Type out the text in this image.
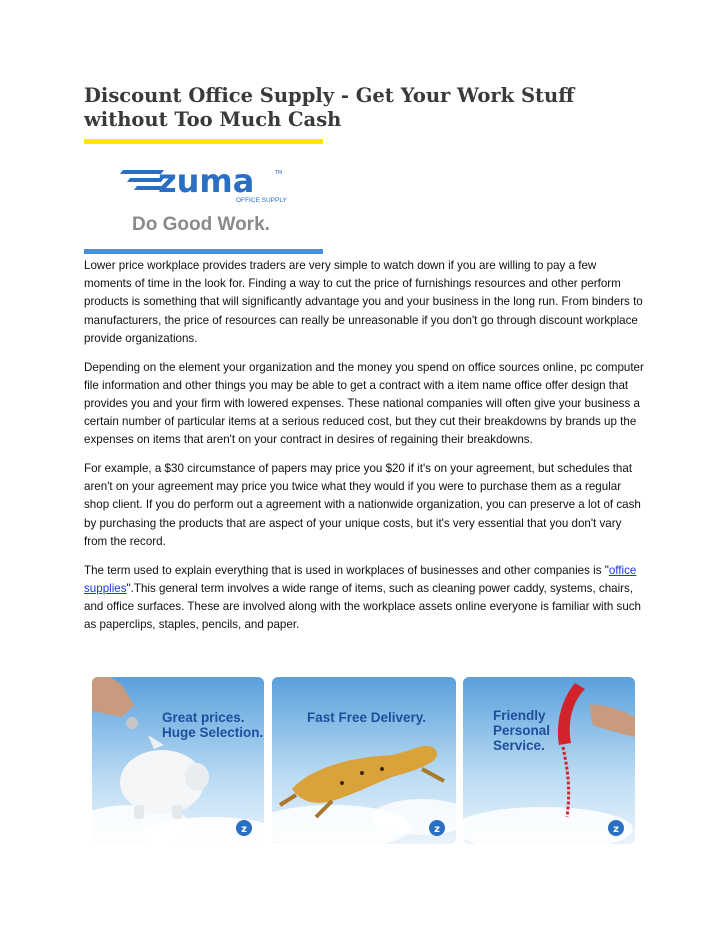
Discount Office Supply - Get Your Work Stuff without Too Much Cash
zuma	TM
OFFICE SUPPLY
Do Good Work.

Lower price workplace provides traders are very simple to watch down if you are willing to pay a few moments of time in the look for. Finding a way to cut the price of furnishings resources and other perform products is something that will significantly advantage you and your business in the long run. From binders to manufacturers, the price of resources can really be unreasonable if you don't go through discount workplace provide organizations.

Depending on the element your organization and the money you spend on office sources online, pc computer file information and other things you may be able to get a contract with a item name office offer design that provides you and your firm with lowered expenses. These national companies will often give your business a certain number of particular items at a serious reduced cost, but they cut their breakdowns by brands up the expenses on items that aren't on your contract in desires of regaining their breakdowns.

For example, a $30 circumstance of papers may price you $20 if it's on your agreement, but schedules that aren't on your agreement may price you twice what they would if you were to purchase them as a regular shop client. If you do perform out a agreement with a nationwide organization, you can preserve a lot of cash by purchasing the products that are aspect of your unique costs, but it's very essential that you don't vary from the record.

The term used to explain everything that is used in workplaces of businesses and other companies is "office supplies".This general term involves a wide range of items, such as cleaning power caddy, systems, chairs, and office surfaces. These are involved along with the workplace assets online everyone is familiar with such as paperclips, staples, pencils, and paper.

z
Great prices.
Huge Selection.
z
Fast Free Delivery.
z
Friendly
Personal
Service.
